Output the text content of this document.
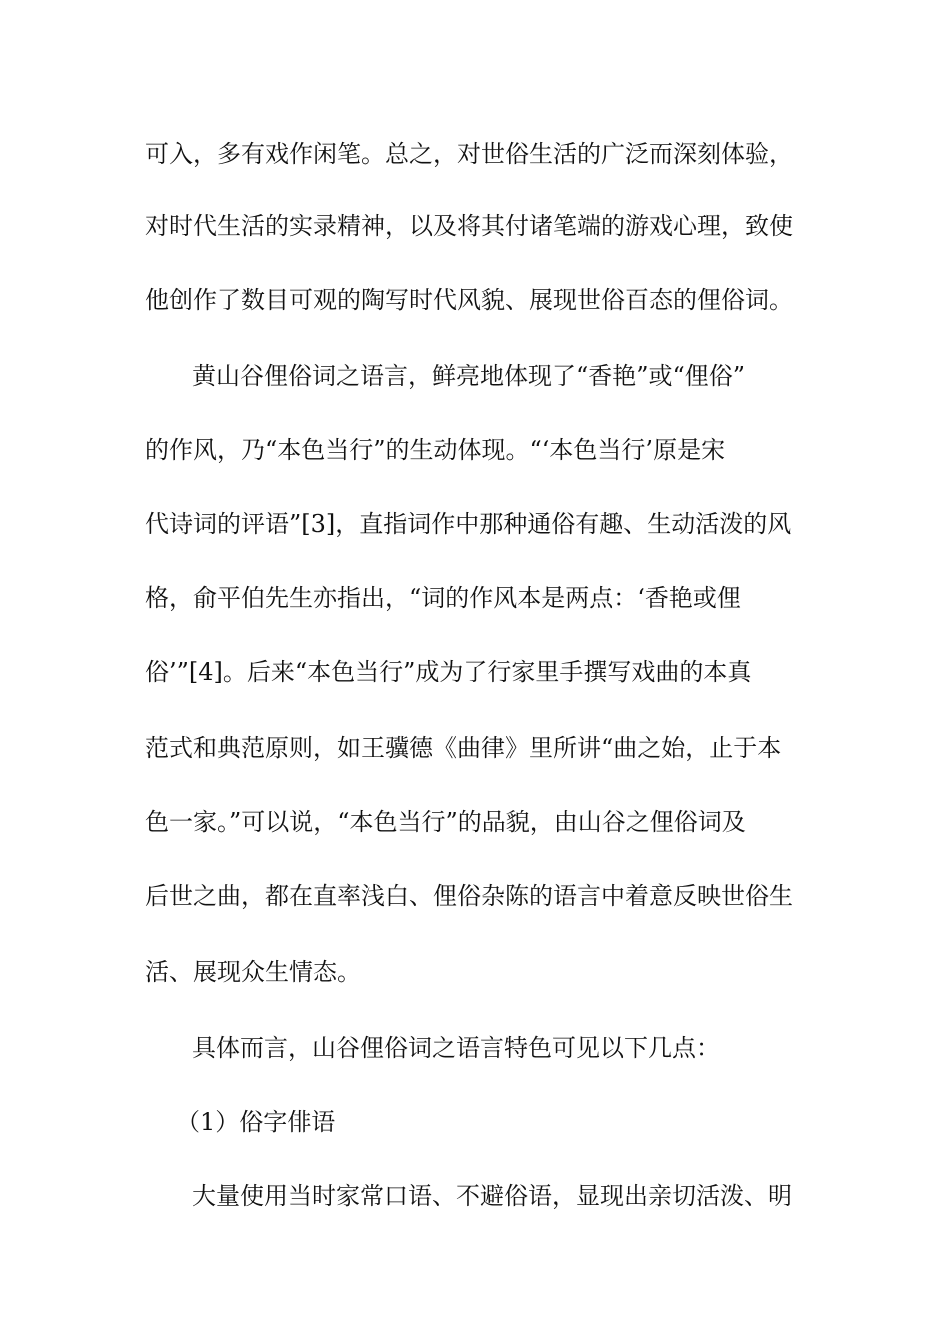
可入，多有戏作闲笔。总之，对世俗生活的广泛而深刻体验，
对时代生活的实录精神，以及将其付诸笔端的游戏心理，致使
他创作了数目可观的陶写时代风貌、展现世俗百态的俚俗词。
黄山谷俚俗词之语言，鲜亮地体现了“香艳”或“俚俗”
的作风，乃“本色当行”的生动体现。“‘本色当行’原是宋
代诗词的评语”[3]，直指词作中那种通俗有趣、生动活泼的风
格，俞平伯先生亦指出，“词的作风本是两点：‘香艳或俚
俗’”[4]。后来“本色当行”成为了行家里手撰写戏曲的本真
范式和典范原则，如王骥德《曲律》里所讲“曲之始，止于本
色一家。”可以说，“本色当行”的品貌，由山谷之俚俗词及
后世之曲，都在直率浅白、俚俗杂陈的语言中着意反映世俗生
活、展现众生情态。
具体而言，山谷俚俗词之语言特色可见以下几点：
（1）俗字俳语
大量使用当时家常口语、不避俗语，显现出亲切活泼、明
